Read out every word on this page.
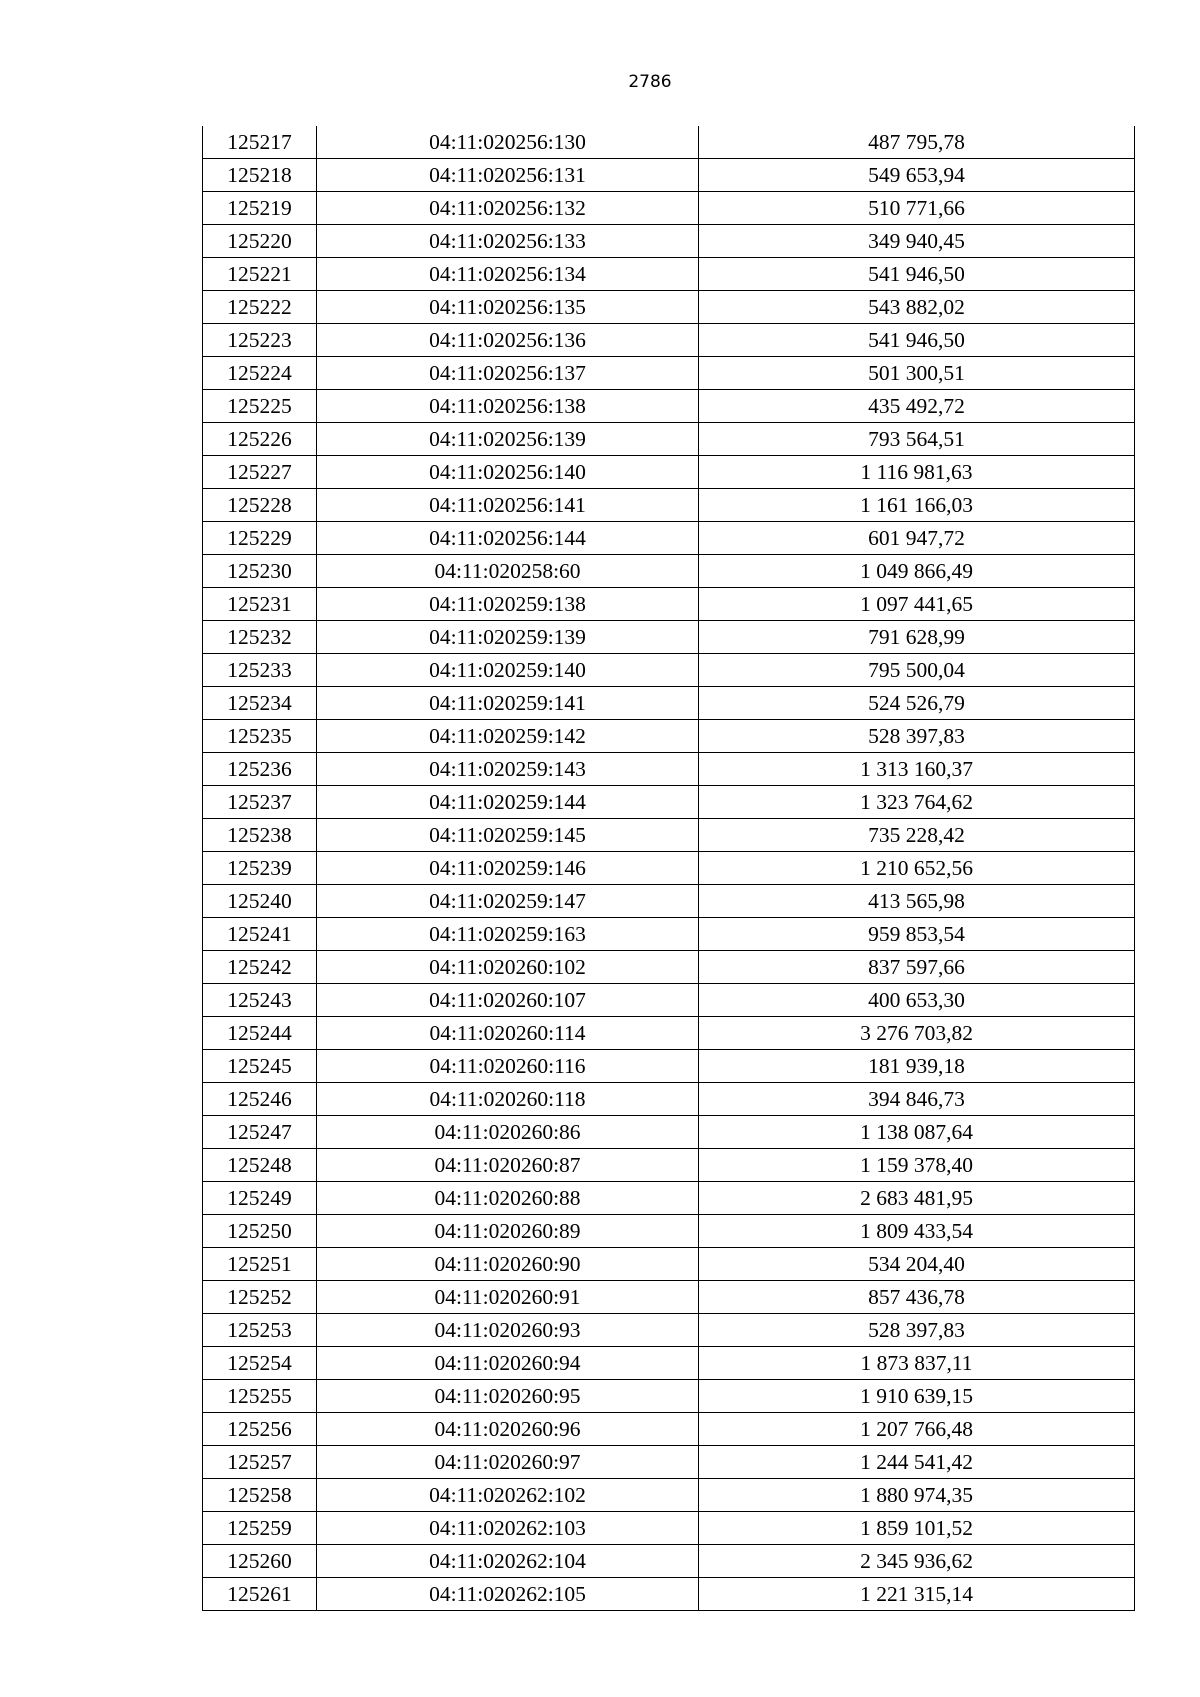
2786
125217	04:11:020256:130	487 795,78
125218	04:11:020256:131	549 653,94
125219	04:11:020256:132	510 771,66
125220	04:11:020256:133	349 940,45
125221	04:11:020256:134	541 946,50
125222	04:11:020256:135	543 882,02
125223	04:11:020256:136	541 946,50
125224	04:11:020256:137	501 300,51
125225	04:11:020256:138	435 492,72
125226	04:11:020256:139	793 564,51
125227	04:11:020256:140	1 116 981,63
125228	04:11:020256:141	1 161 166,03
125229	04:11:020256:144	601 947,72
125230	04:11:020258:60	1 049 866,49
125231	04:11:020259:138	1 097 441,65
125232	04:11:020259:139	791 628,99
125233	04:11:020259:140	795 500,04
125234	04:11:020259:141	524 526,79
125235	04:11:020259:142	528 397,83
125236	04:11:020259:143	1 313 160,37
125237	04:11:020259:144	1 323 764,62
125238	04:11:020259:145	735 228,42
125239	04:11:020259:146	1 210 652,56
125240	04:11:020259:147	413 565,98
125241	04:11:020259:163	959 853,54
125242	04:11:020260:102	837 597,66
125243	04:11:020260:107	400 653,30
125244	04:11:020260:114	3 276 703,82
125245	04:11:020260:116	181 939,18
125246	04:11:020260:118	394 846,73
125247	04:11:020260:86	1 138 087,64
125248	04:11:020260:87	1 159 378,40
125249	04:11:020260:88	2 683 481,95
125250	04:11:020260:89	1 809 433,54
125251	04:11:020260:90	534 204,40
125252	04:11:020260:91	857 436,78
125253	04:11:020260:93	528 397,83
125254	04:11:020260:94	1 873 837,11
125255	04:11:020260:95	1 910 639,15
125256	04:11:020260:96	1 207 766,48
125257	04:11:020260:97	1 244 541,42
125258	04:11:020262:102	1 880 974,35
125259	04:11:020262:103	1 859 101,52
125260	04:11:020262:104	2 345 936,62
125261	04:11:020262:105	1 221 315,14
